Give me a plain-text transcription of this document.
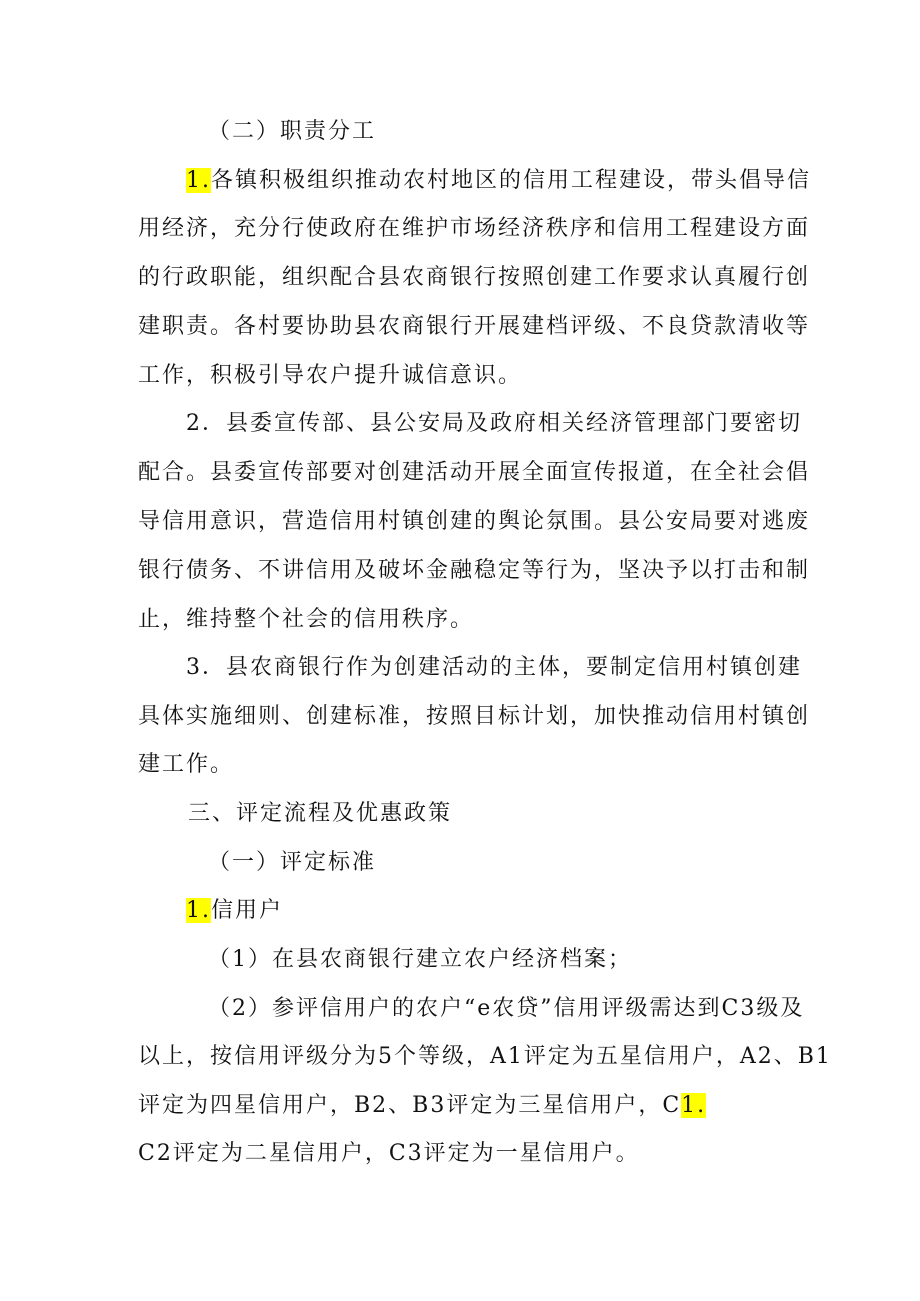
（二）职责分工
1.各镇积极组织推动农村地区的信用工程建设，带头倡导信
用经济，充分行使政府在维护市场经济秩序和信用工程建设方面
的行政职能，组织配合县农商银行按照创建工作要求认真履行创
建职责。各村要协助县农商银行开展建档评级、不良贷款清收等
工作，积极引导农户提升诚信意识。
2．县委宣传部、县公安局及政府相关经济管理部门要密切
配合。县委宣传部要对创建活动开展全面宣传报道，在全社会倡
导信用意识，营造信用村镇创建的舆论氛围。县公安局要对逃废
银行债务、不讲信用及破坏金融稳定等行为，坚决予以打击和制
止，维持整个社会的信用秩序。
3．县农商银行作为创建活动的主体，要制定信用村镇创建
具体实施细则、创建标准，按照目标计划，加快推动信用村镇创
建工作。
三、评定流程及优惠政策
（一）评定标准
1.信用户
（1）在县农商银行建立农户经济档案；
（2）参评信用户的农户“e农贷”信用评级需达到C3级及
以上，按信用评级分为5个等级，A1评定为五星信用户，A2、B1
评定为四星信用户，B2、B3评定为三星信用户，C1.
C2评定为二星信用户，C3评定为一星信用户。
